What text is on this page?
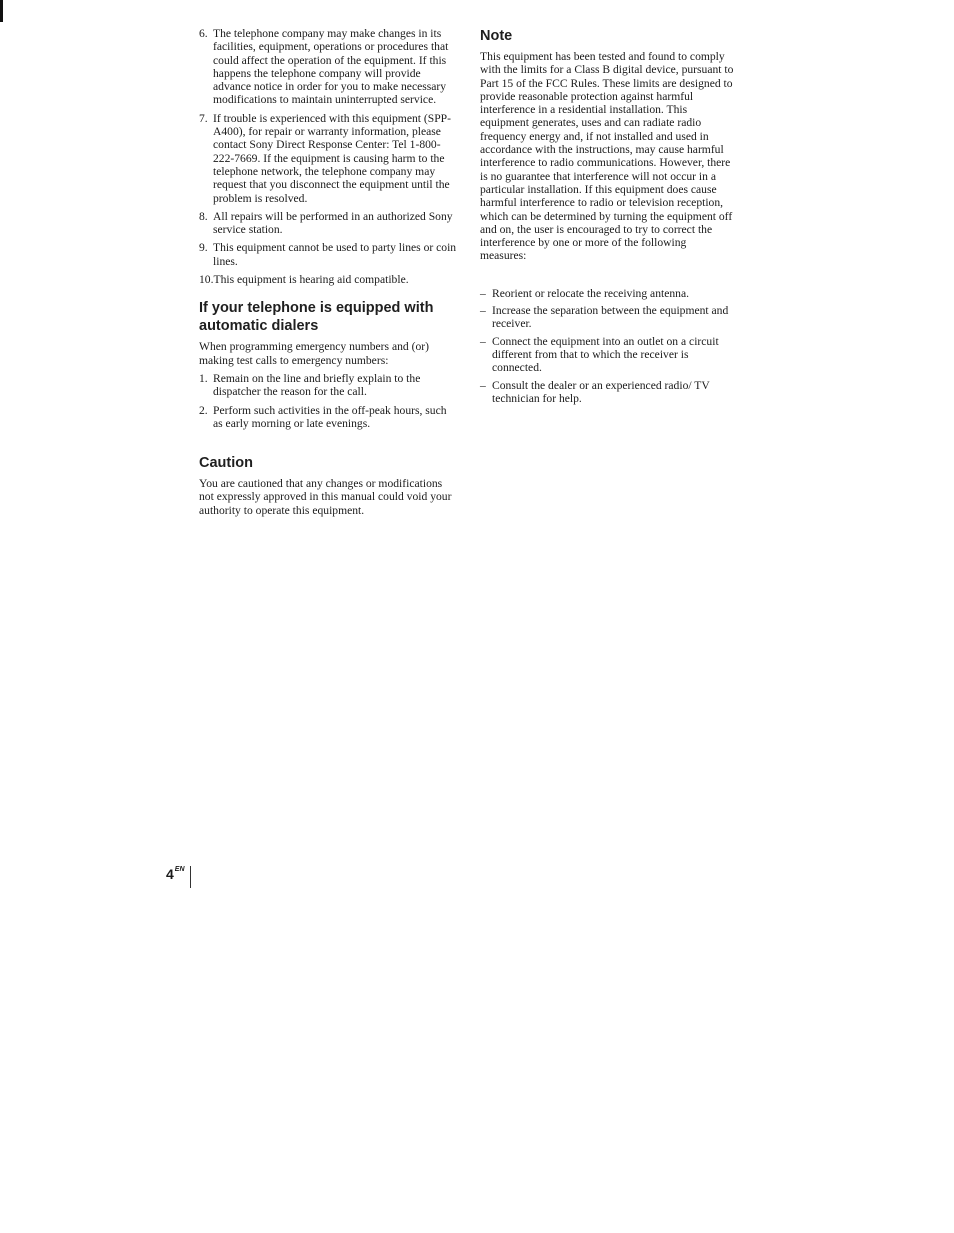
6. The telephone company may make changes in its facilities, equipment, operations or procedures that could affect the operation of the equipment. If this happens the telephone company will provide advance notice in order for you to make necessary modifications to maintain uninterrupted service.
7. If trouble is experienced with this equipment (SPP-A400), for repair or warranty information, please contact Sony Direct Response Center: Tel 1-800-222-7669. If the equipment is causing harm to the telephone network, the telephone company may request that you disconnect the equipment until the problem is resolved.
8. All repairs will be performed in an authorized Sony service station.
9. This equipment cannot be used to party lines or coin lines.
10.This equipment is hearing aid compatible.
If your telephone is equipped with automatic dialers

When programming emergency numbers and (or) making test calls to emergency numbers:

1. Remain on the line and briefly explain to the dispatcher the reason for the call.
2. Perform such activities in the off-peak hours, such as early morning or late evenings.
Caution

You are cautioned that any changes or modifications not expressly approved in this manual could void your authority to operate this equipment.

Note

This equipment has been tested and found to comply with the limits for a Class B digital device, pursuant to Part 15 of the FCC Rules. These limits are designed to provide reasonable protection against harmful interference in a residential installation. This equipment generates, uses and can radiate radio frequency energy and, if not installed and used in accordance with the instructions, may cause harmful interference to radio communications. However, there is no guarantee that interference will not occur in a particular installation. If this equipment does cause harmful interference to radio or television reception, which can be determined by turning the equipment off and on, the user is encouraged to try to correct the interference by one or more of the following measures:

– Reorient or relocate the receiving antenna.
– Increase the separation between the equipment and receiver.
– Connect the equipment into an outlet on a circuit different from that to which the receiver is connected.
– Consult the dealer or an experienced radio/ TV technician for help.
$4^{EN}$
